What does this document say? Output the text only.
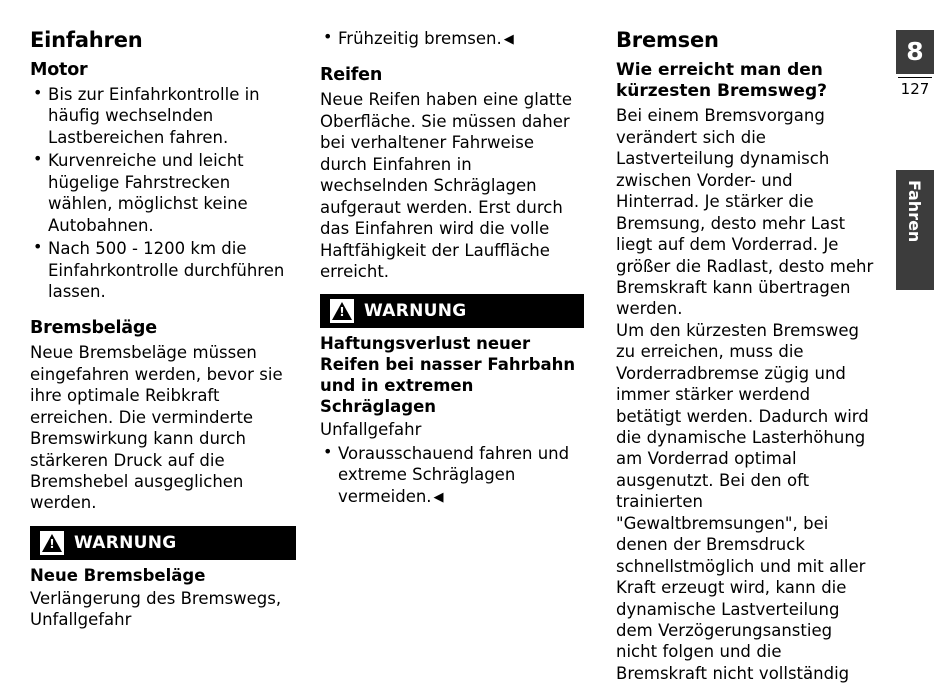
Einfahren
Motor
• Bis zur Einfahrkontrolle in häufig wechselnden Lastbereichen fahren.
• Kurvenreiche und leicht hügelige Fahrstrecken wählen, möglichst keine Autobahnen.
• Nach 500 - 1200 km die Einfahrkontrolle durchführen lassen.
Bremsbeläge

Neue Bremsbeläge müssen eingefahren werden, bevor sie ihre optimale Reibkraft erreichen. Die verminderte Bremswirkung kann durch stärkeren Druck auf die Bremshebel ausgeglichen werden.

!
WARNUNG
Neue Bremsbeläge
Verlängerung des Bremswegs, Unfallgefahr
• Frühzeitig bremsen. ◀
Reifen

Neue Reifen haben eine glatte Oberfläche. Sie müssen daher bei verhaltener Fahrweise durch Einfahren in wechselnden Schräglagen aufgeraut werden. Erst durch das Einfahren wird die volle Haftfähigkeit der Lauffläche erreicht.

!
WARNUNG
Haftungsverlust neuer Reifen bei nasser Fahrbahn und in extremen Schräglagen
Unfallgefahr
• Vorausschauend fahren und extreme Schräglagen vermeiden. ◀
Bremsen
Wie erreicht man den kürzesten Bremsweg?

Bei einem Bremsvorgang verändert sich die Lastverteilung dynamisch zwischen Vorder- und Hinterrad. Je stärker die Bremsung, desto mehr Last liegt auf dem Vorderrad. Je größer die Radlast, desto mehr Bremskraft kann übertragen werden.

Um den kürzesten Bremsweg zu erreichen, muss die Vorderradbremse zügig und immer stärker werdend betätigt werden. Dadurch wird die dynamische Lasterhöhung am Vorderrad optimal ausgenutzt. Bei den oft trainierten "Gewaltbremsungen", bei denen der Bremsdruck schnellstmöglich und mit aller Kraft erzeugt wird, kann die dynamische Lastverteilung dem Verzögerungsanstieg nicht folgen und die Bremskraft nicht vollständig

8
127
Fahren
